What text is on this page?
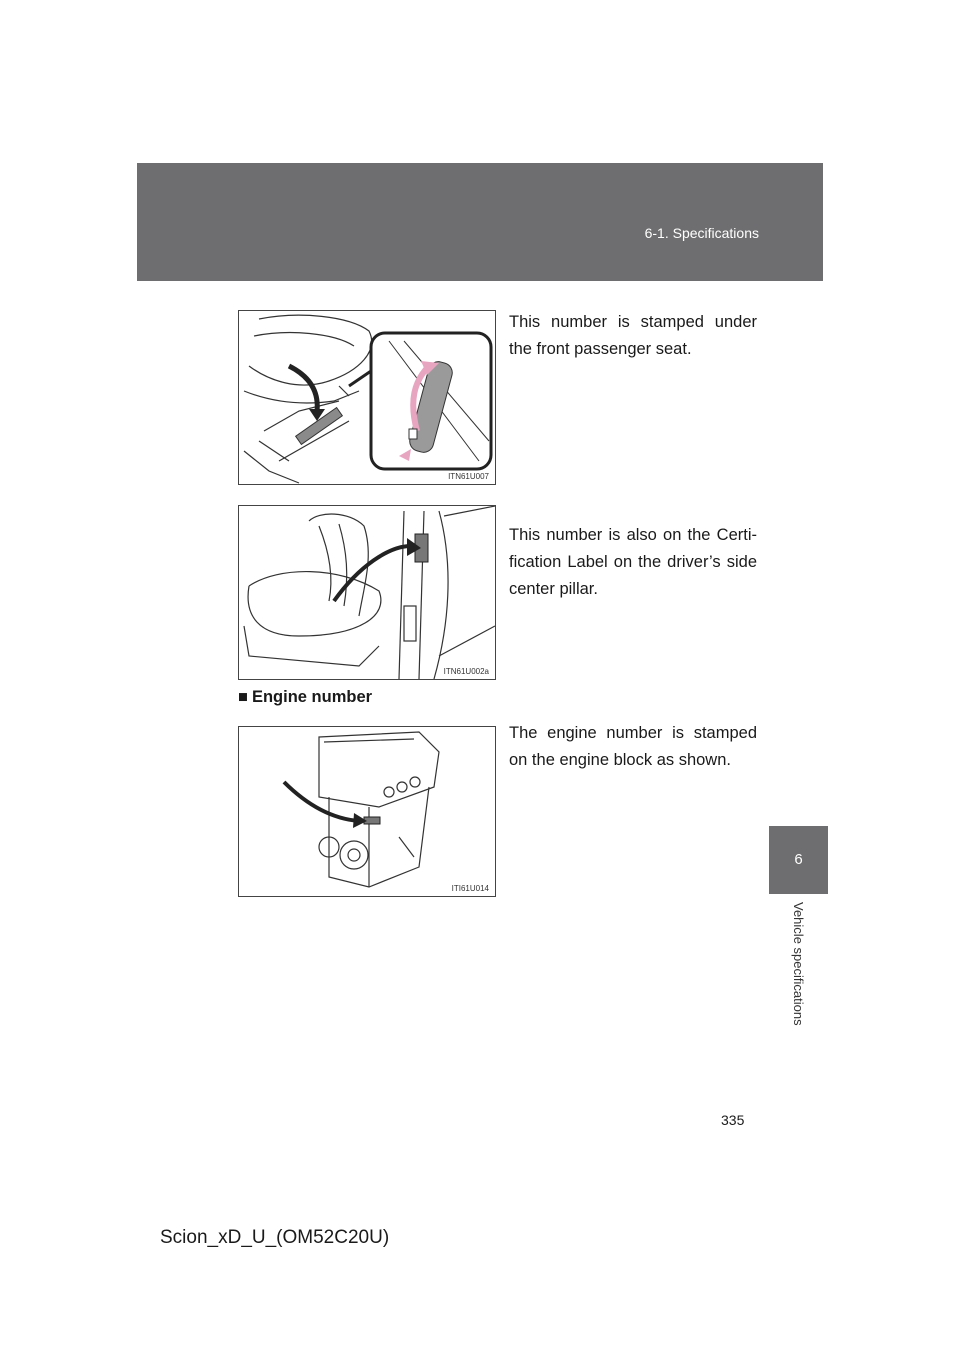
6-1. Specifications
6
Vehicle specifications
ITN61U007
This number is stamped under the front passenger seat.
ITN61U002a
This number is also on the Certi-fication Label on the driver’s side center pillar.
■ Engine number
ITI61U014
The engine number is stamped on the engine block as shown.
335
Scion_xD_U_(OM52C20U)
